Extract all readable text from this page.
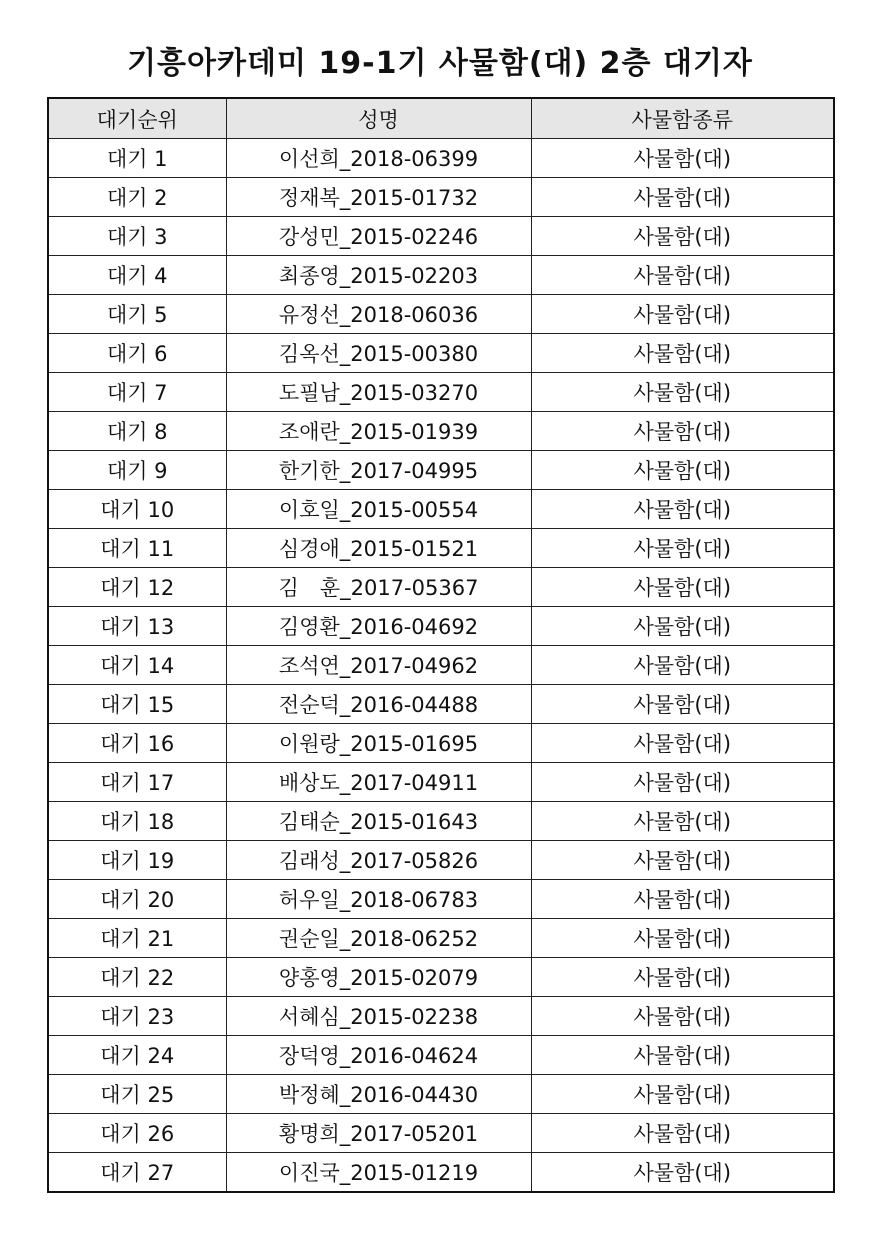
기흥아카데미 19-1기 사물함(대) 2층 대기자
대기순위	성명	사물함종류
대기 1	이선희_2018-06399	사물함(대)
대기 2	정재복_2015-01732	사물함(대)
대기 3	강성민_2015-02246	사물함(대)
대기 4	최종영_2015-02203	사물함(대)
대기 5	유정선_2018-06036	사물함(대)
대기 6	김옥선_2015-00380	사물함(대)
대기 7	도필남_2015-03270	사물함(대)
대기 8	조애란_2015-01939	사물함(대)
대기 9	한기한_2017-04995	사물함(대)
대기 10	이호일_2015-00554	사물함(대)
대기 11	심경애_2015-01521	사물함(대)
대기 12	김　훈_2017-05367	사물함(대)
대기 13	김영환_2016-04692	사물함(대)
대기 14	조석연_2017-04962	사물함(대)
대기 15	전순덕_2016-04488	사물함(대)
대기 16	이원랑_2015-01695	사물함(대)
대기 17	배상도_2017-04911	사물함(대)
대기 18	김태순_2015-01643	사물함(대)
대기 19	김래성_2017-05826	사물함(대)
대기 20	허우일_2018-06783	사물함(대)
대기 21	권순일_2018-06252	사물함(대)
대기 22	양홍영_2015-02079	사물함(대)
대기 23	서혜심_2015-02238	사물함(대)
대기 24	장덕영_2016-04624	사물함(대)
대기 25	박정혜_2016-04430	사물함(대)
대기 26	황명희_2017-05201	사물함(대)
대기 27	이진국_2015-01219	사물함(대)
